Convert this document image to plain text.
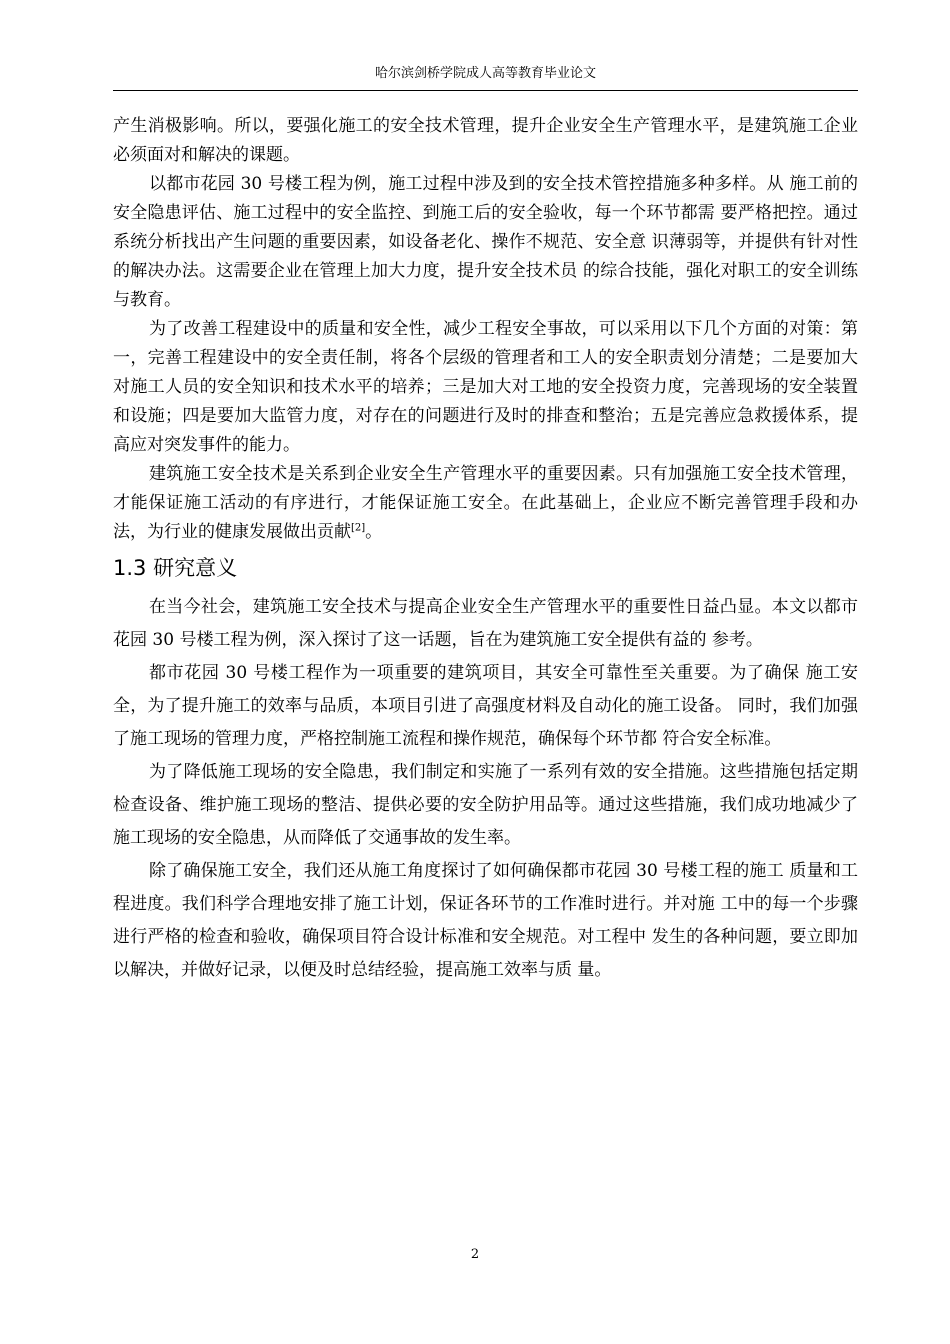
哈尔滨剑桥学院成人高等教育毕业论文

产生消极影响。所以，要强化施工的安全技术管理，提升企业安全生产管理水平，是建筑施工企业必须面对和解决的课题。

以都市花园 30 号楼工程为例，施工过程中涉及到的安全技术管控措施多种多样。从 施工前的安全隐患评估、施工过程中的安全监控、到施工后的安全验收，每一个环节都需 要严格把控。通过系统分析找出产生问题的重要因素，如设备老化、操作不规范、安全意 识薄弱等，并提供有针对性的解决办法。这需要企业在管理上加大力度，提升安全技术员 的综合技能，强化对职工的安全训练与教育。

为了改善工程建设中的质量和安全性，减少工程安全事故，可以采用以下几个方面的对策：第一，完善工程建设中的安全责任制，将各个层级的管理者和工人的安全职责划分清楚；二是要加大对施工人员的安全知识和技术水平的培养；三是加大对工地的安全投资力度，完善现场的安全装置和设施；四是要加大监管力度，对存在的问题进行及时的排查和整治；五是完善应急救援体系，提高应对突发事件的能力。

建筑施工安全技术是关系到企业安全生产管理水平的重要因素。只有加强施工安全技术管理，才能保证施工活动的有序进行，才能保证施工安全。在此基础上，企业应不断完善管理手段和办法，为行业的健康发展做出贡献[2]。

1.3 研究意义

在当今社会，建筑施工安全技术与提高企业安全生产管理水平的重要性日益凸显。本文以都市花园 30 号楼工程为例，深入探讨了这一话题，旨在为建筑施工安全提供有益的 参考。

都市花园 30 号楼工程作为一项重要的建筑项目，其安全可靠性至关重要。为了确保 施工安全，为了提升施工的效率与品质，本项目引进了高强度材料及自动化的施工设备。 同时，我们加强了施工现场的管理力度，严格控制施工流程和操作规范，确保每个环节都 符合安全标准。

为了降低施工现场的安全隐患，我们制定和实施了一系列有效的安全措施。这些措施包括定期检查设备、维护施工现场的整洁、提供必要的安全防护用品等。通过这些措施，我们成功地减少了施工现场的安全隐患，从而降低了交通事故的发生率。

除了确保施工安全，我们还从施工角度探讨了如何确保都市花园 30 号楼工程的施工 质量和工程进度。我们科学合理地安排了施工计划，保证各环节的工作准时进行。并对施 工中的每一个步骤进行严格的检查和验收，确保项目符合设计标准和安全规范。对工程中 发生的各种问题，要立即加以解决，并做好记录，以便及时总结经验，提高施工效率与质 量。

2
